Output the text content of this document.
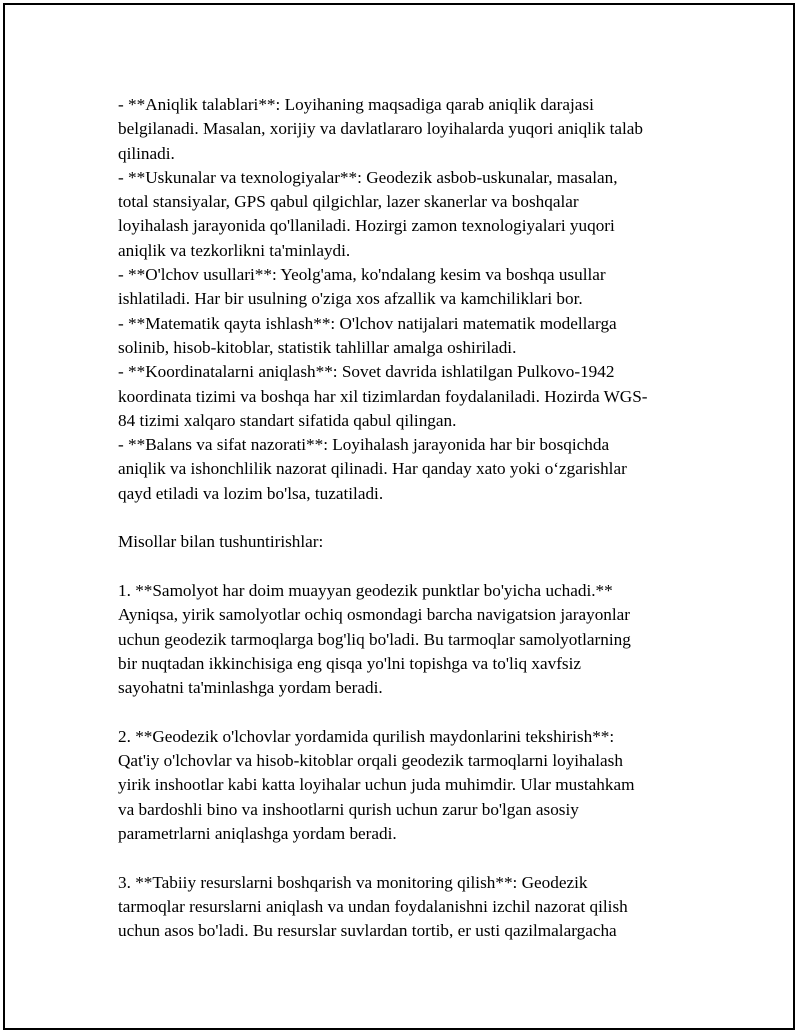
- **Aniqlik talablari**: Loyihaning maqsadiga qarab aniqlik darajasi
belgilanadi. Masalan, xorijiy va davlatlararo loyihalarda yuqori aniqlik talab
qilinadi.
- **Uskunalar va texnologiyalar**: Geodezik asbob-uskunalar, masalan,
total stansiyalar, GPS qabul qilgichlar, lazer skanerlar va boshqalar
loyihalash jarayonida qo'llaniladi. Hozirgi zamon texnologiyalari yuqori
aniqlik va tezkorlikni ta'minlaydi.
- **O'lchov usullari**: Yeolg'ama, ko'ndalang kesim va boshqa usullar
ishlatiladi. Har bir usulning o'ziga xos afzallik va kamchiliklari bor.
- **Matematik qayta ishlash**: O'lchov natijalari matematik modellarga
solinib, hisob-kitoblar, statistik tahlillar amalga oshiriladi.
- **Koordinatalarni aniqlash**: Sovet davrida ishlatilgan Pulkovo-1942
koordinata tizimi va boshqa har xil tizimlardan foydalaniladi. Hozirda WGS-
84 tizimi xalqaro standart sifatida qabul qilingan.
- **Balans va sifat nazorati**: Loyihalash jarayonida har bir bosqichda
aniqlik va ishonchlilik nazorat qilinadi. Har qanday xato yoki o‘zgarishlar
qayd etiladi va lozim bo'lsa, tuzatiladi.
Misollar bilan tushuntirishlar:
1. **Samolyot har doim muayyan geodezik punktlar bo'yicha uchadi.**
Ayniqsa, yirik samolyotlar ochiq osmondagi barcha navigatsion jarayonlar
uchun geodezik tarmoqlarga bog'liq bo'ladi. Bu tarmoqlar samolyotlarning
bir nuqtadan ikkinchisiga eng qisqa yo'lni topishga va to'liq xavfsiz
sayohatni ta'minlashga yordam beradi.
2. **Geodezik o'lchovlar yordamida qurilish maydonlarini tekshirish**:
Qat'iy o'lchovlar va hisob-kitoblar orqali geodezik tarmoqlarni loyihalash
yirik inshootlar kabi katta loyihalar uchun juda muhimdir. Ular mustahkam
va bardoshli bino va inshootlarni qurish uchun zarur bo'lgan asosiy
parametrlarni aniqlashga yordam beradi.
3. **Tabiiy resurslarni boshqarish va monitoring qilish**: Geodezik
tarmoqlar resurslarni aniqlash va undan foydalanishni izchil nazorat qilish
uchun asos bo'ladi. Bu resurslar suvlardan tortib, er usti qazilmalargacha
